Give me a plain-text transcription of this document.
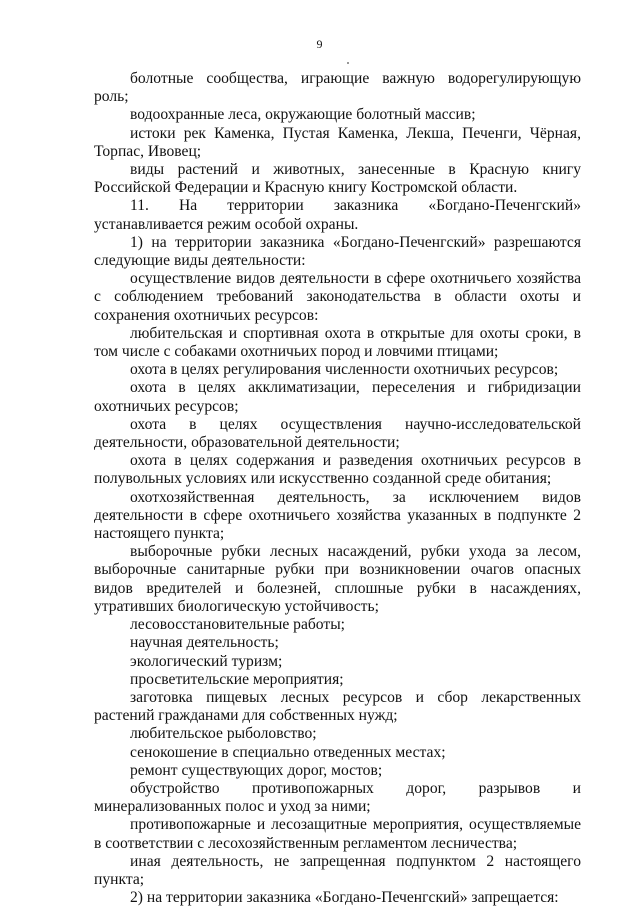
9

болотные сообщества, играющие важную водорегулирующую роль;

водоохранные леса, окружающие болотный массив;

истоки рек Каменка, Пустая Каменка, Лекша, Печенги, Чёрная, Торпас, Ивовец;

виды растений и животных, занесенные в Красную книгу Российской Федерации и Красную книгу Костромской области.

11. На территории заказника «Богдано-Печенгский» устанавливается режим особой охраны.

1) на территории заказника «Богдано-Печенгский» разрешаются следующие виды деятельности:

осуществление видов деятельности в сфере охотничьего хозяйства с соблюдением требований законодательства в области охоты и сохранения охотничьих ресурсов:

любительская и спортивная охота в открытые для охоты сроки, в том числе с собаками охотничьих пород и ловчими птицами;

охота в целях регулирования численности охотничьих ресурсов;

охота в целях акклиматизации, переселения и гибридизации охотничьих ресурсов;

охота в целях осуществления научно-исследовательской деятельности, образовательной деятельности;

охота в целях содержания и разведения охотничьих ресурсов в полувольных условиях или искусственно созданной среде обитания;

охотхозяйственная деятельность, за исключением видов деятельности в сфере охотничьего хозяйства указанных в подпункте 2 настоящего пункта;

выборочные рубки лесных насаждений, рубки ухода за лесом, выборочные санитарные рубки при возникновении очагов опасных видов вредителей и болезней, сплошные рубки в насаждениях, утративших биологическую устойчивость;

лесовосстановительные работы;

научная деятельность;

экологический туризм;

просветительские мероприятия;

заготовка пищевых лесных ресурсов и сбор лекарственных растений гражданами для собственных нужд;

любительское рыболовство;

сенокошение в специально отведенных местах;

ремонт существующих дорог, мостов;

обустройство противопожарных дорог, разрывов и минерализованных полос и уход за ними;

противопожарные и лесозащитные мероприятия, осуществляемые в соответствии с лесохозяйственным регламентом лесничества;

иная деятельность, не запрещенная подпунктом 2 настоящего пункта;

2) на территории заказника «Богдано-Печенгский» запрещается:
